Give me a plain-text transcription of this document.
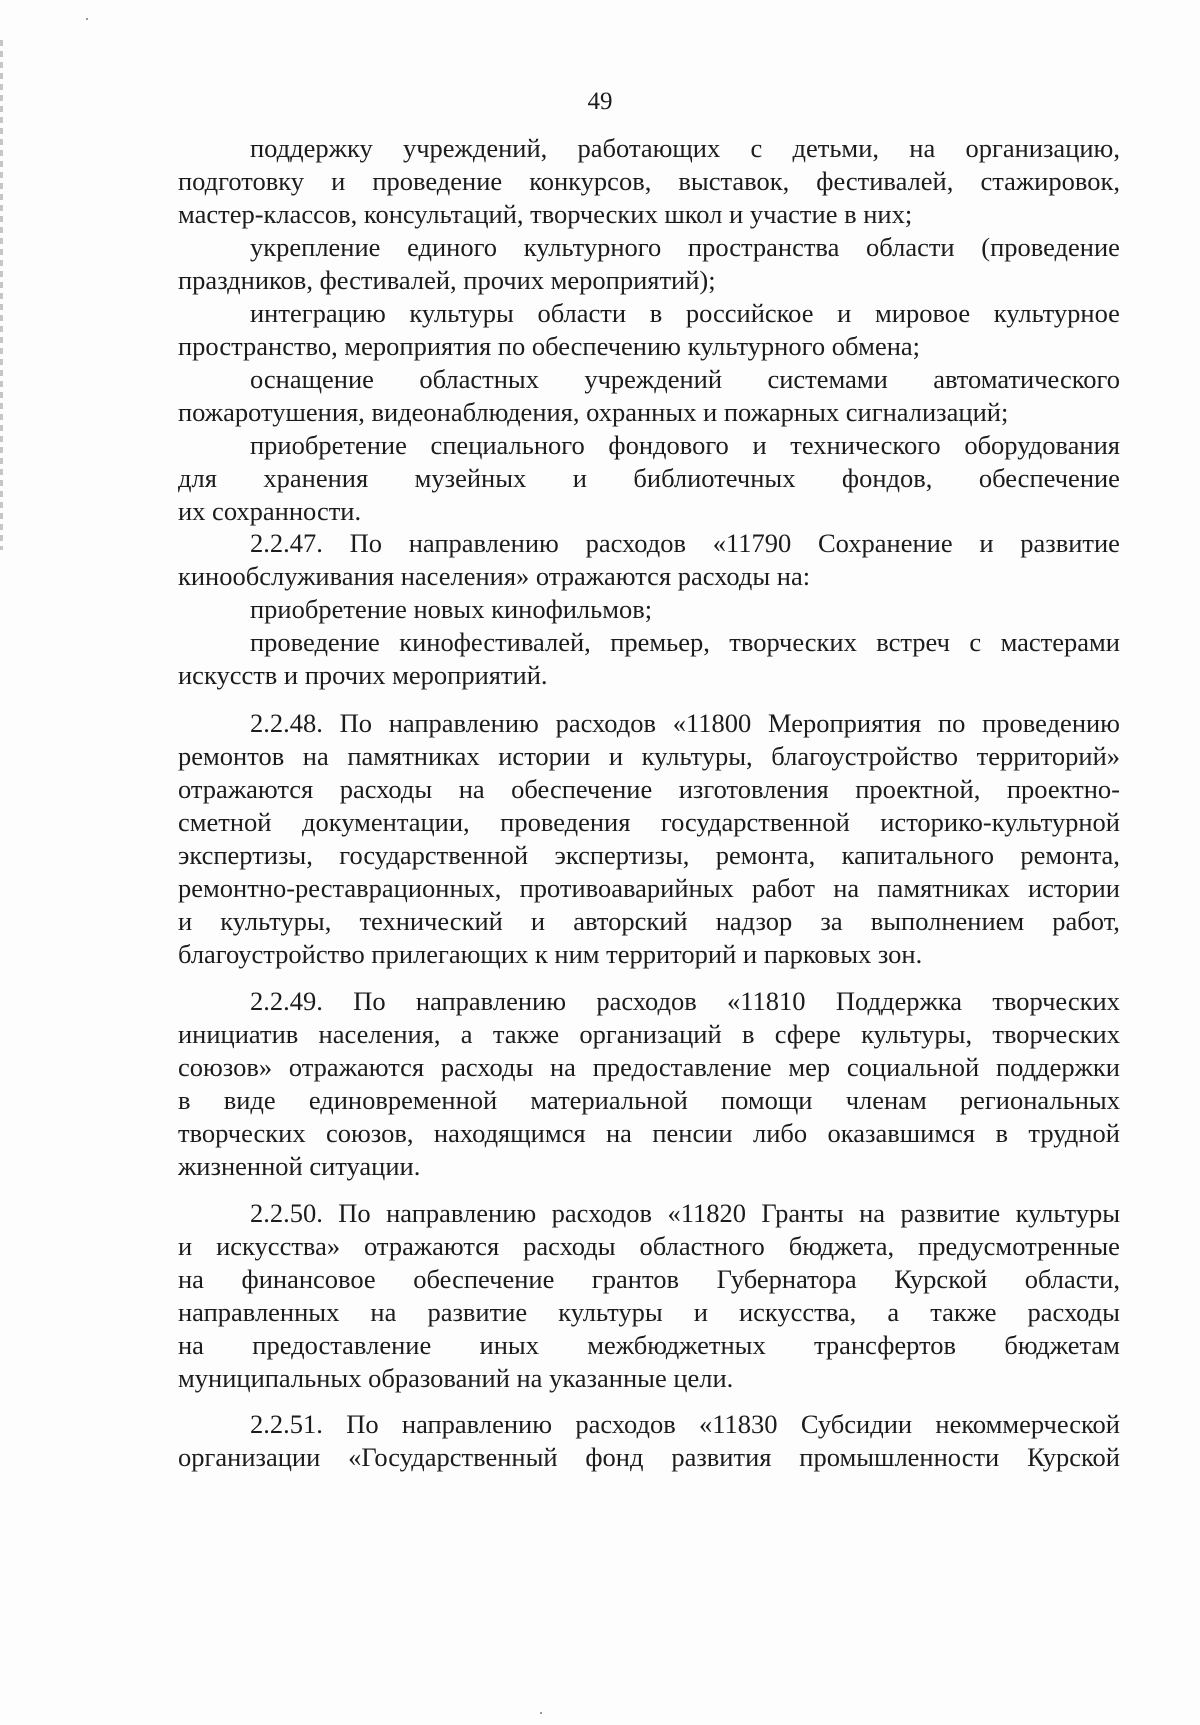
49
поддержку учреждений, работающих с детьми, на организацию,
подготовку и проведение конкурсов, выставок, фестивалей, стажировок,
мастер-классов, консультаций, творческих школ и участие в них;
укрепление единого культурного пространства области (проведение
праздников, фестивалей, прочих мероприятий);
интеграцию культуры области в российское и мировое культурное
пространство, мероприятия по обеспечению культурного обмена;
оснащение областных учреждений системами автоматического
пожаротушения, видеонаблюдения, охранных и пожарных сигнализаций;
приобретение специального фондового и технического оборудования
для хранения музейных и библиотечных фондов, обеспечение
их сохранности.
2.2.47. По направлению расходов «11790 Сохранение и развитие
кинообслуживания населения» отражаются расходы на:
приобретение новых кинофильмов;
проведение кинофестивалей, премьер, творческих встреч с мастерами
искусств и прочих мероприятий.
2.2.48. По направлению расходов «11800 Мероприятия по проведению
ремонтов на памятниках истории и культуры, благоустройство территорий»
отражаются расходы на обеспечение изготовления проектной, проектно-
сметной документации, проведения государственной историко-культурной
экспертизы, государственной экспертизы, ремонта, капитального ремонта,
ремонтно-реставрационных, противоаварийных работ на памятниках истории
и культуры, технический и авторский надзор за выполнением работ,
благоустройство прилегающих к ним территорий и парковых зон.
2.2.49. По направлению расходов «11810 Поддержка творческих
инициатив населения, а также организаций в сфере культуры, творческих
союзов» отражаются расходы на предоставление мер социальной поддержки
в виде единовременной материальной помощи членам региональных
творческих союзов, находящимся на пенсии либо оказавшимся в трудной
жизненной ситуации.
2.2.50. По направлению расходов «11820 Гранты на развитие культуры
и искусства» отражаются расходы областного бюджета, предусмотренные
на финансовое обеспечение грантов Губернатора Курской области,
направленных на развитие культуры и искусства, а также расходы
на предоставление иных межбюджетных трансфертов бюджетам
муниципальных образований на указанные цели.
2.2.51. По направлению расходов «11830 Субсидии некоммерческой
организации «Государственный фонд развития промышленности Курской
